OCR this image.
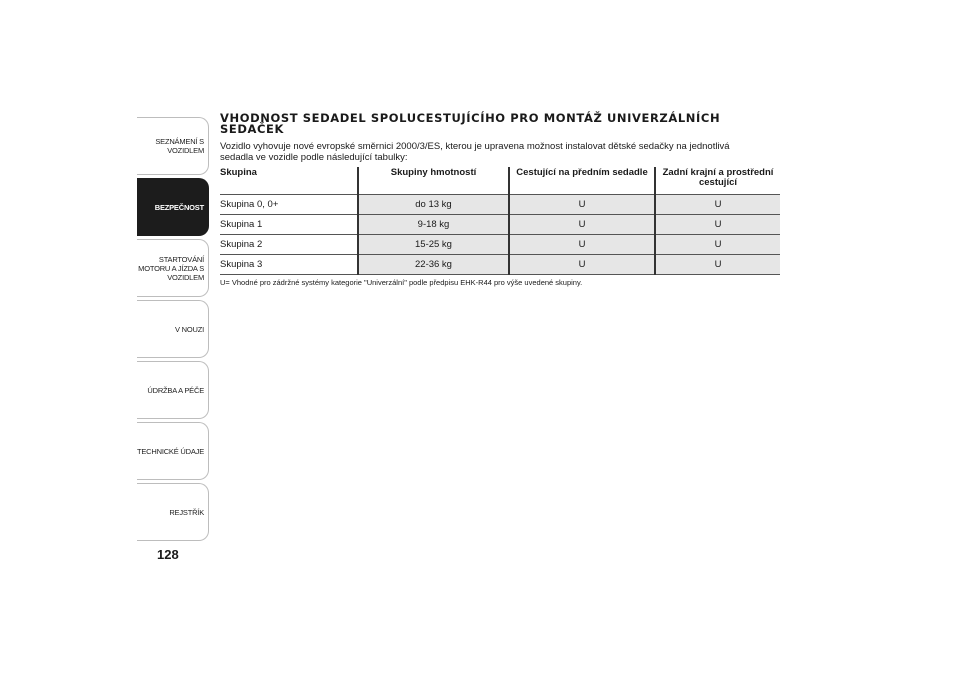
SEZNÁMENÍ S
VOZIDLEM
BEZPEČNOST
STARTOVÁNÍ
MOTORU A JÍZDA S
VOZIDLEM
V NOUZI
ÚDRŽBA A PÉČE
TECHNICKÉ ÚDAJE
REJSTŘÍK
128
VHODNOST SEDADEL SPOLUCESTUJÍCÍHO PRO MONTÁŽ UNIVERZÁLNÍCH SEDAČEK

Vozidlo vyhovuje nové evropské směrnici 2000/3/ES, kterou je upravena možnost instalovat dětské sedačky na jednotlivá sedadla ve vozidle podle následující tabulky:

Skupina	Skupiny hmotností	Cestující na předním sedadle	Zadní krajní a prostřední cestující
Skupina 0, 0+	do 13 kg	U	U
Skupina 1	9-18 kg	U	U
Skupina 2	15-25 kg	U	U
Skupina 3	22-36 kg	U	U
U= Vhodné pro zádržné systémy kategorie "Univerzální" podle předpisu EHK-R44 pro výše uvedené skupiny.
